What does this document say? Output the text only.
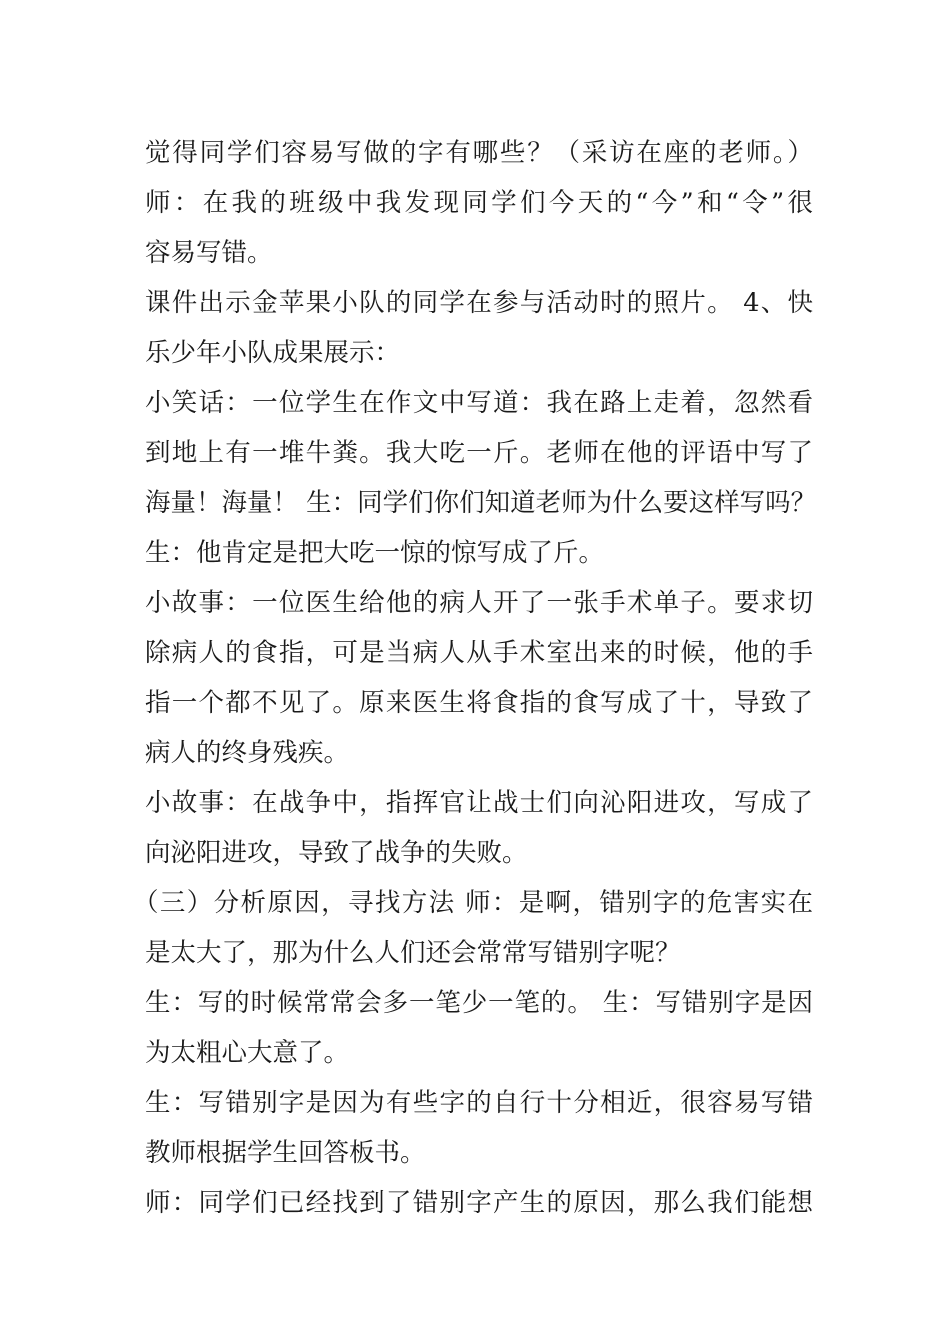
觉得同学们容易写做的字有哪些？（采访在座的老师。）
师：在我的班级中我发现同学们今天的“今”和“令”很
容易写错。
课件出示金苹果小队的同学在参与活动时的照片。 4、快
乐少年小队成果展示：
小笑话：一位学生在作文中写道：我在路上走着，忽然看
到地上有一堆牛粪。我大吃一斤。老师在他的评语中写了
海量！海量！ 生：同学们你们知道老师为什么要这样写吗？
生：他肯定是把大吃一惊的惊写成了斤。
小故事：一位医生给他的病人开了一张手术单子。要求切
除病人的食指，可是当病人从手术室出来的时候，他的手
指一个都不见了。原来医生将食指的食写成了十，导致了
病人的终身残疾。
小故事：在战争中，指挥官让战士们向沁阳进攻，写成了
向泌阳进攻，导致了战争的失败。
（三）分析原因，寻找方法 师：是啊，错别字的危害实在
是太大了，那为什么人们还会常常写错别字呢？
生：写的时候常常会多一笔少一笔的。 生：写错别字是因
为太粗心大意了。
生：写错别字是因为有些字的自行十分相近，很容易写错
教师根据学生回答板书。
师：同学们已经找到了错别字产生的原因，那么我们能想
